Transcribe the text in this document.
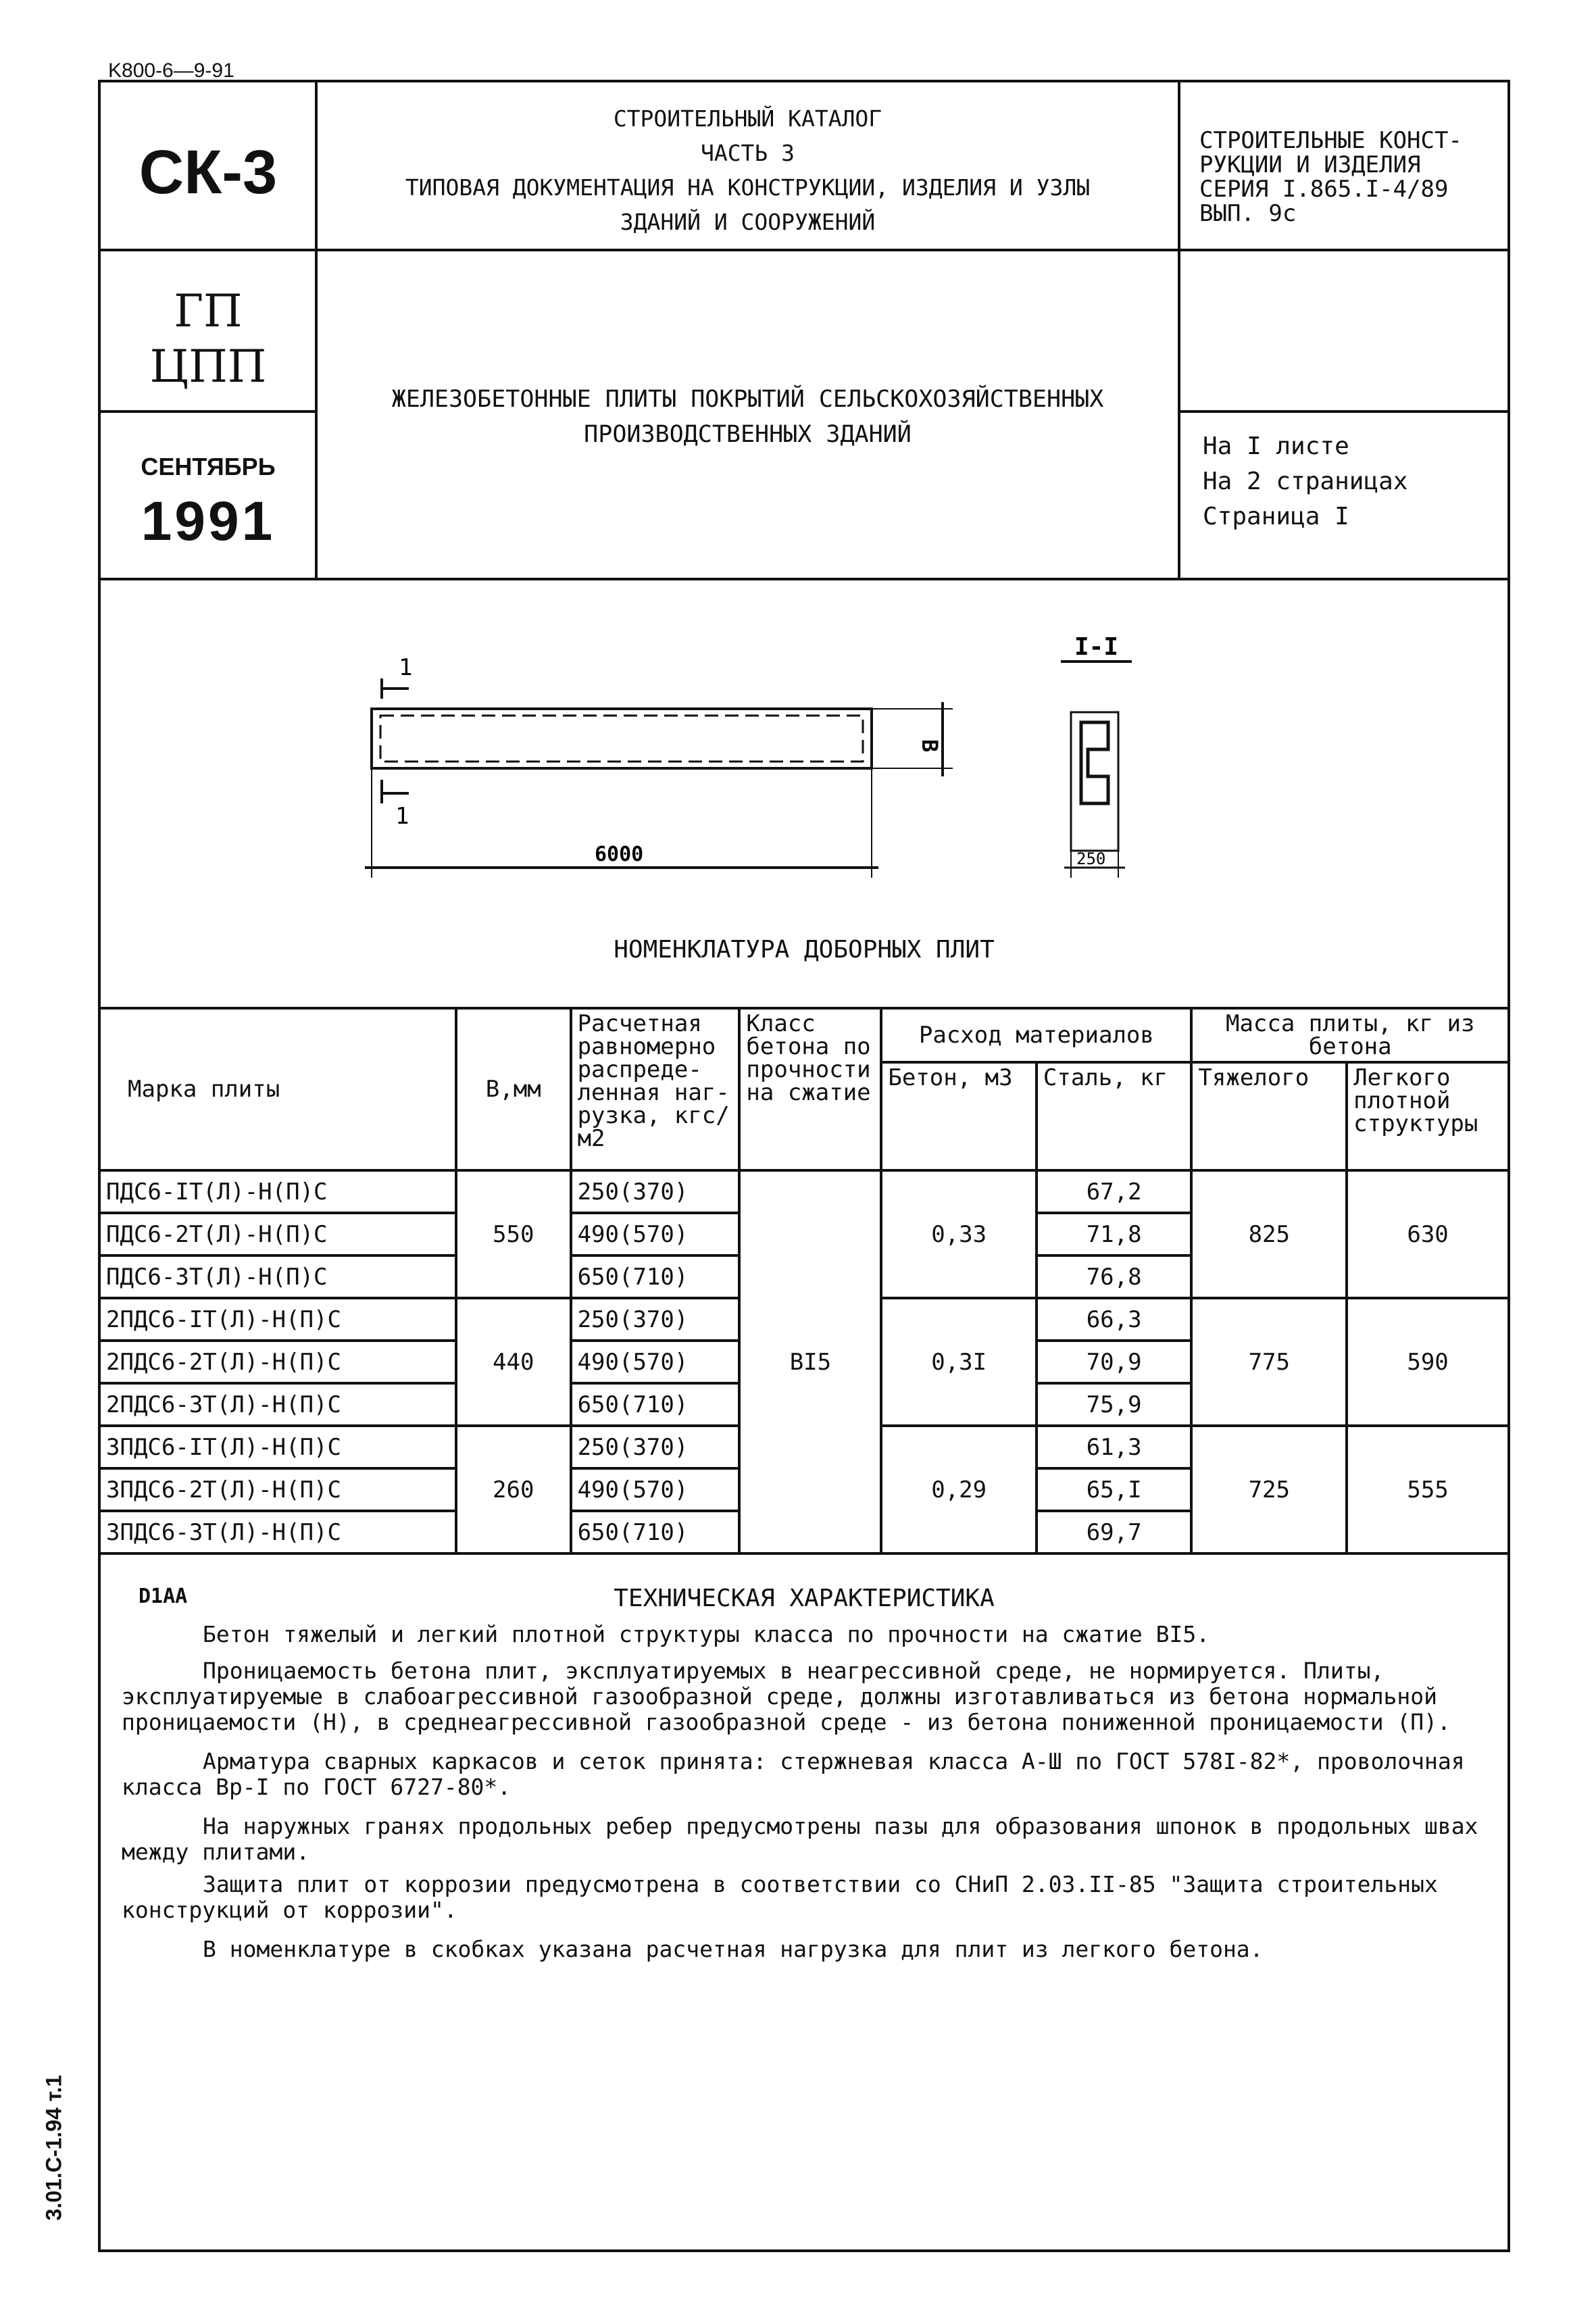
K800-6—9-91
3.01.C-1.94 т.1
СК-3
ГП
ЦПП
СЕНТЯБРЬ
1991
СТРОИТЕЛЬНЫЙ КАТАЛОГ
ЧАСТЬ 3
ТИПОВАЯ ДОКУМЕНТАЦИЯ НА КОНСТРУКЦИИ, ИЗДЕЛИЯ И УЗЛЫ
ЗДАНИЙ И СООРУЖЕНИЙ
СТРОИТЕЛЬНЫЕ КОНСТ-
РУКЦИИ И ИЗДЕЛИЯ
СЕРИЯ I.865.I-4/89
ВЫП. 9с
ЖЕЛЕЗОБЕТОННЫЕ ПЛИТЫ ПОКРЫТИЙ СЕЛЬСКОХОЗЯЙСТВЕННЫХ
ПРОИЗВОДСТВЕННЫХ ЗДАНИЙ	На I листе
На 2 страницах
Страница I
1
1
I-I
6000
B
250
НОМЕНКЛАТУРА ДОБОРНЫХ ПЛИТ
Марка плиты	B,мм	Расчетная равномерно распреде-ленная наг-рузка, кгс/м2	Класс бетона по прочности на сжатие	Расход материалов		Массa плиты, кг из бетона	
				Бетон, м3	Сталь, кг	Тяжелого	Легкого плотной структуры
ПДС6-IТ(Л)-Н(П)С	550	250(370)	BI5	0,33	67,2	825	630
ПДС6-2Т(Л)-Н(П)С		490(570)			71,8		
ПДС6-3Т(Л)-Н(П)С		650(710)			76,8		
2ПДС6-IТ(Л)-Н(П)С	440	250(370)		0,3I	66,3	775	590
2ПДС6-2Т(Л)-Н(П)С		490(570)			70,9		
2ПДС6-3Т(Л)-Н(П)С		650(710)			75,9		
3ПДС6-IТ(Л)-Н(П)С	260	250(370)		0,29	61,3	725	555
3ПДС6-2Т(Л)-Н(П)С		490(570)			65,I		
3ПДС6-3Т(Л)-Н(П)С		650(710)			69,7		
D1AA	ТЕХНИЧЕСКАЯ ХАРАКТЕРИСТИКА

Бетон тяжелый и легкий плотной структуры класса по прочности на сжатие BI5.

Проницаемость бетона плит, эксплуатируемых в неагрессивной среде, не нормируется. Плиты, эксплуатируемые в слабоагрессивной газообразной среде, должны изготавливаться из бетона нормальной проницаемости (Н), в среднеагрессивной газообразной среде - из бетона пониженной проницаемости (П).

Арматура сварных каркасов и сеток принята: стержневая класса А-Ш по ГОСТ 578I-82*, проволочная класса Вр-I по ГОСТ 6727-80*.

На наружных гранях продольных ребер предусмотрены пазы для образования шпонок в продольных швах между плитами.

Защита плит от коррозии предусмотрена в соответствии со СНиП 2.03.II-85 "Защита строительных конструкций от коррозии".

В номенклатуре в скобках указана расчетная нагрузка для плит из легкого бетона.
